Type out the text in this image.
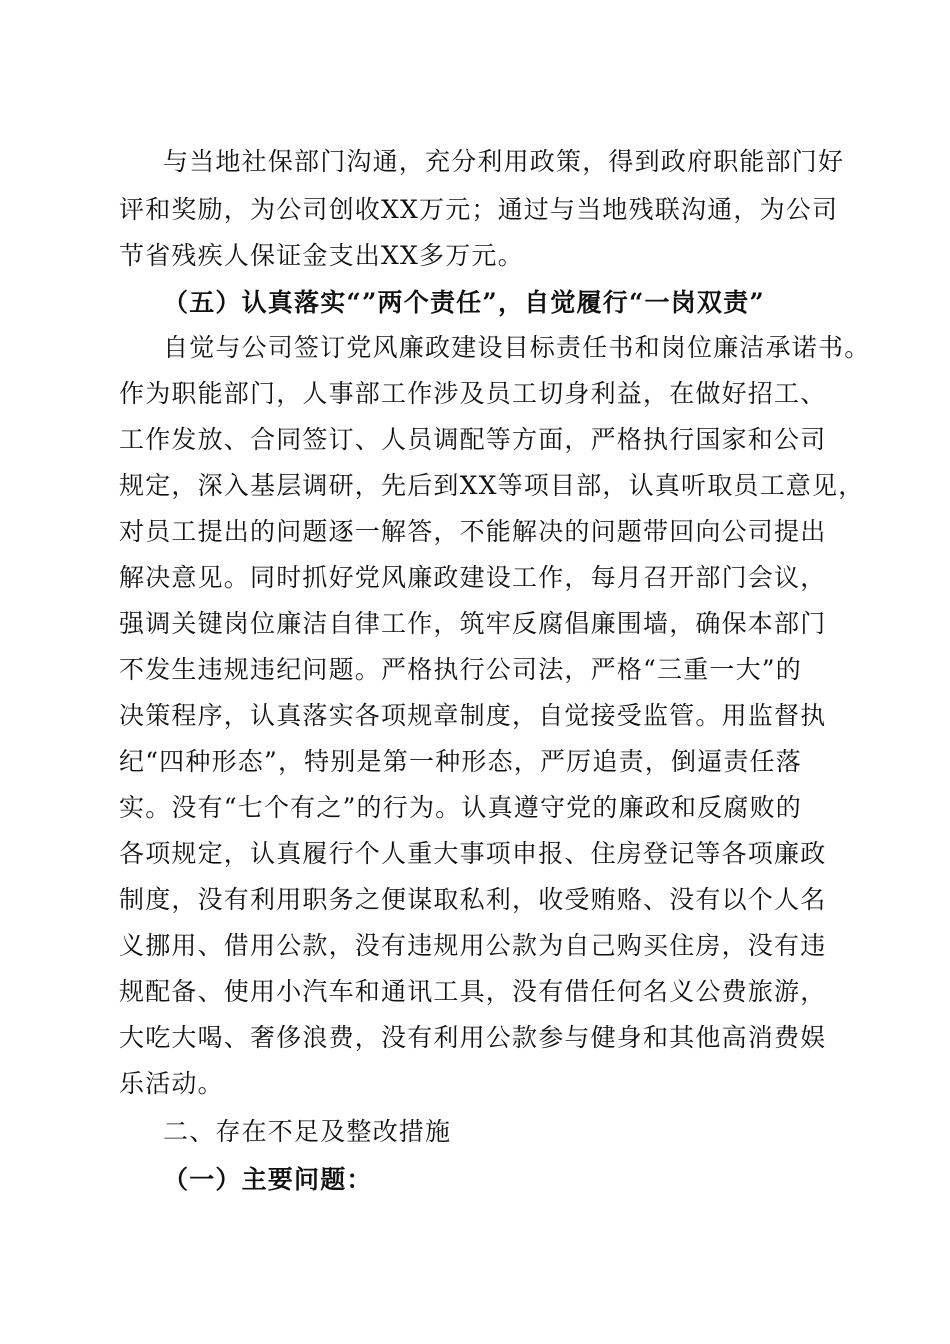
与当地社保部门沟通，充分利用政策，得到政府职能部门好
评和奖励，为公司创收XX万元；通过与当地残联沟通，为公司
节省残疾人保证金支出XX多万元。
（五）认真落实“”两个责任”，自觉履行“一岗双责”
自觉与公司签订党风廉政建设目标责任书和岗位廉洁承诺书。
作为职能部门，人事部工作涉及员工切身利益，在做好招工、
工作发放、合同签订、人员调配等方面，严格执行国家和公司
规定，深入基层调研，先后到XX等项目部，认真听取员工意见，
对员工提出的问题逐一解答，不能解决的问题带回向公司提出
解决意见。同时抓好党风廉政建设工作，每月召开部门会议，
强调关键岗位廉洁自律工作，筑牢反腐倡廉围墙，确保本部门
不发生违规违纪问题。严格执行公司法，严格“三重一大”的
决策程序，认真落实各项规章制度，自觉接受监管。用监督执
纪“四种形态”，特别是第一种形态，严厉追责，倒逼责任落
实。没有“七个有之”的行为。认真遵守党的廉政和反腐败的
各项规定，认真履行个人重大事项申报、住房登记等各项廉政
制度，没有利用职务之便谋取私利，收受贿赂、没有以个人名
义挪用、借用公款，没有违规用公款为自己购买住房，没有违
规配备、使用小汽车和通讯工具，没有借任何名义公费旅游，
大吃大喝、奢侈浪费，没有利用公款参与健身和其他高消费娱
乐活动。
二、存在不足及整改措施
（一）主要问题：
